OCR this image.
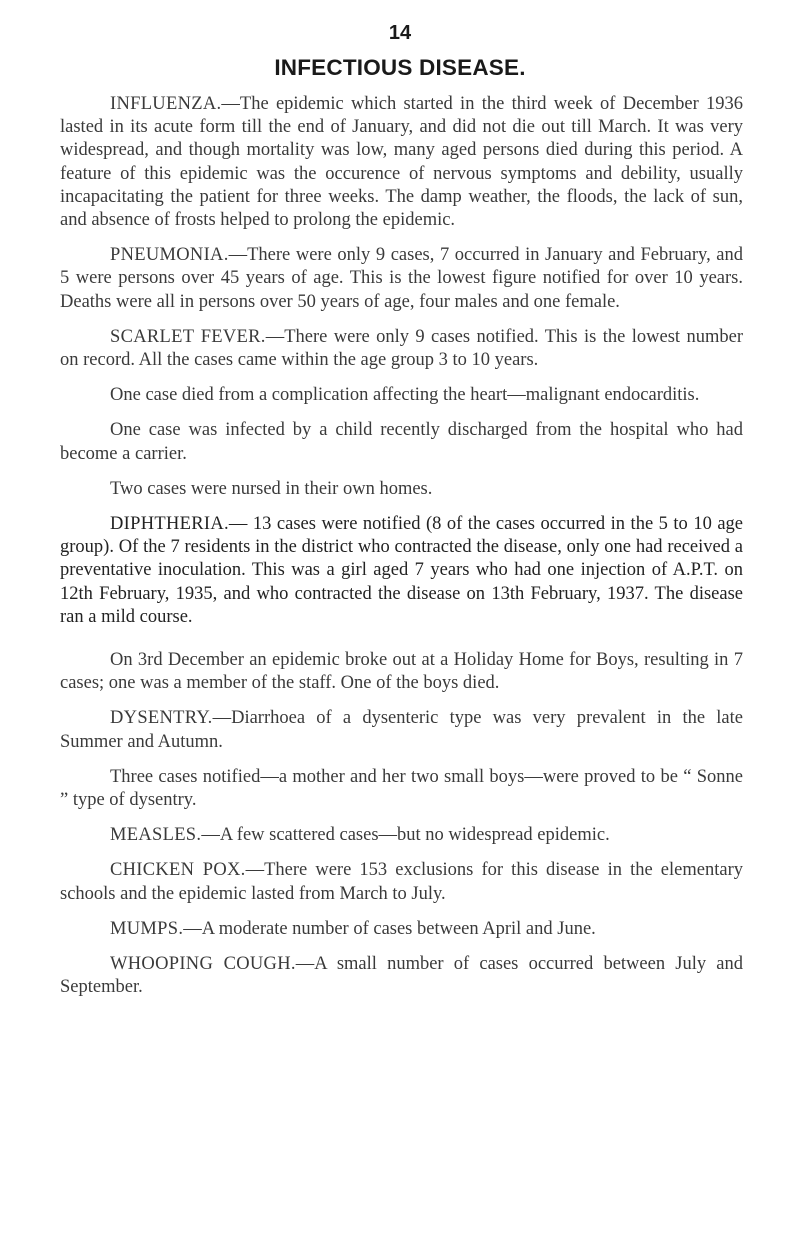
14
INFECTIOUS DISEASE.

INFLUENZA.—The epidemic which started in the third week of December 1936 lasted in its acute form till the end of January, and did not die out till March. It was very widespread, and though mortality was low, many aged persons died during this period. A feature of this epidemic was the occurence of nervous symptoms and debility, usually incapacitating the patient for three weeks. The damp weather, the floods, the lack of sun, and absence of frosts helped to prolong the epidemic.

PNEUMONIA.—There were only 9 cases, 7 occurred in January and February, and 5 were persons over 45 years of age. This is the lowest figure notified for over 10 years. Deaths were all in persons over 50 years of age, four males and one female.

SCARLET FEVER.—There were only 9 cases notified. This is the lowest number on record. All the cases came within the age group 3 to 10 years.

One case died from a complication affecting the heart—malignant endocarditis.

One case was infected by a child recently discharged from the hospital who had become a carrier.

Two cases were nursed in their own homes.

DIPHTHERIA.— 13 cases were notified (8 of the cases occurred in the 5 to 10 age group). Of the 7 residents in the district who contracted the disease, only one had received a preventative inoculation. This was a girl aged 7 years who had one injection of A.P.T. on 12th February, 1935, and who contracted the disease on 13th February, 1937. The disease ran a mild course.

On 3rd December an epidemic broke out at a Holiday Home for Boys, resulting in 7 cases; one was a member of the staff. One of the boys died.

DYSENTRY.—Diarrhoea of a dysenteric type was very prevalent in the late Summer and Autumn.

Three cases notified—a mother and her two small boys—were proved to be “ Sonne ” type of dysentry.

MEASLES.—A few scattered cases—but no widespread epidemic.

CHICKEN POX.—There were 153 exclusions for this disease in the elementary schools and the epidemic lasted from March to July.

MUMPS.—A moderate number of cases between April and June.

WHOOPING COUGH.—A small number of cases occurred between July and September.
